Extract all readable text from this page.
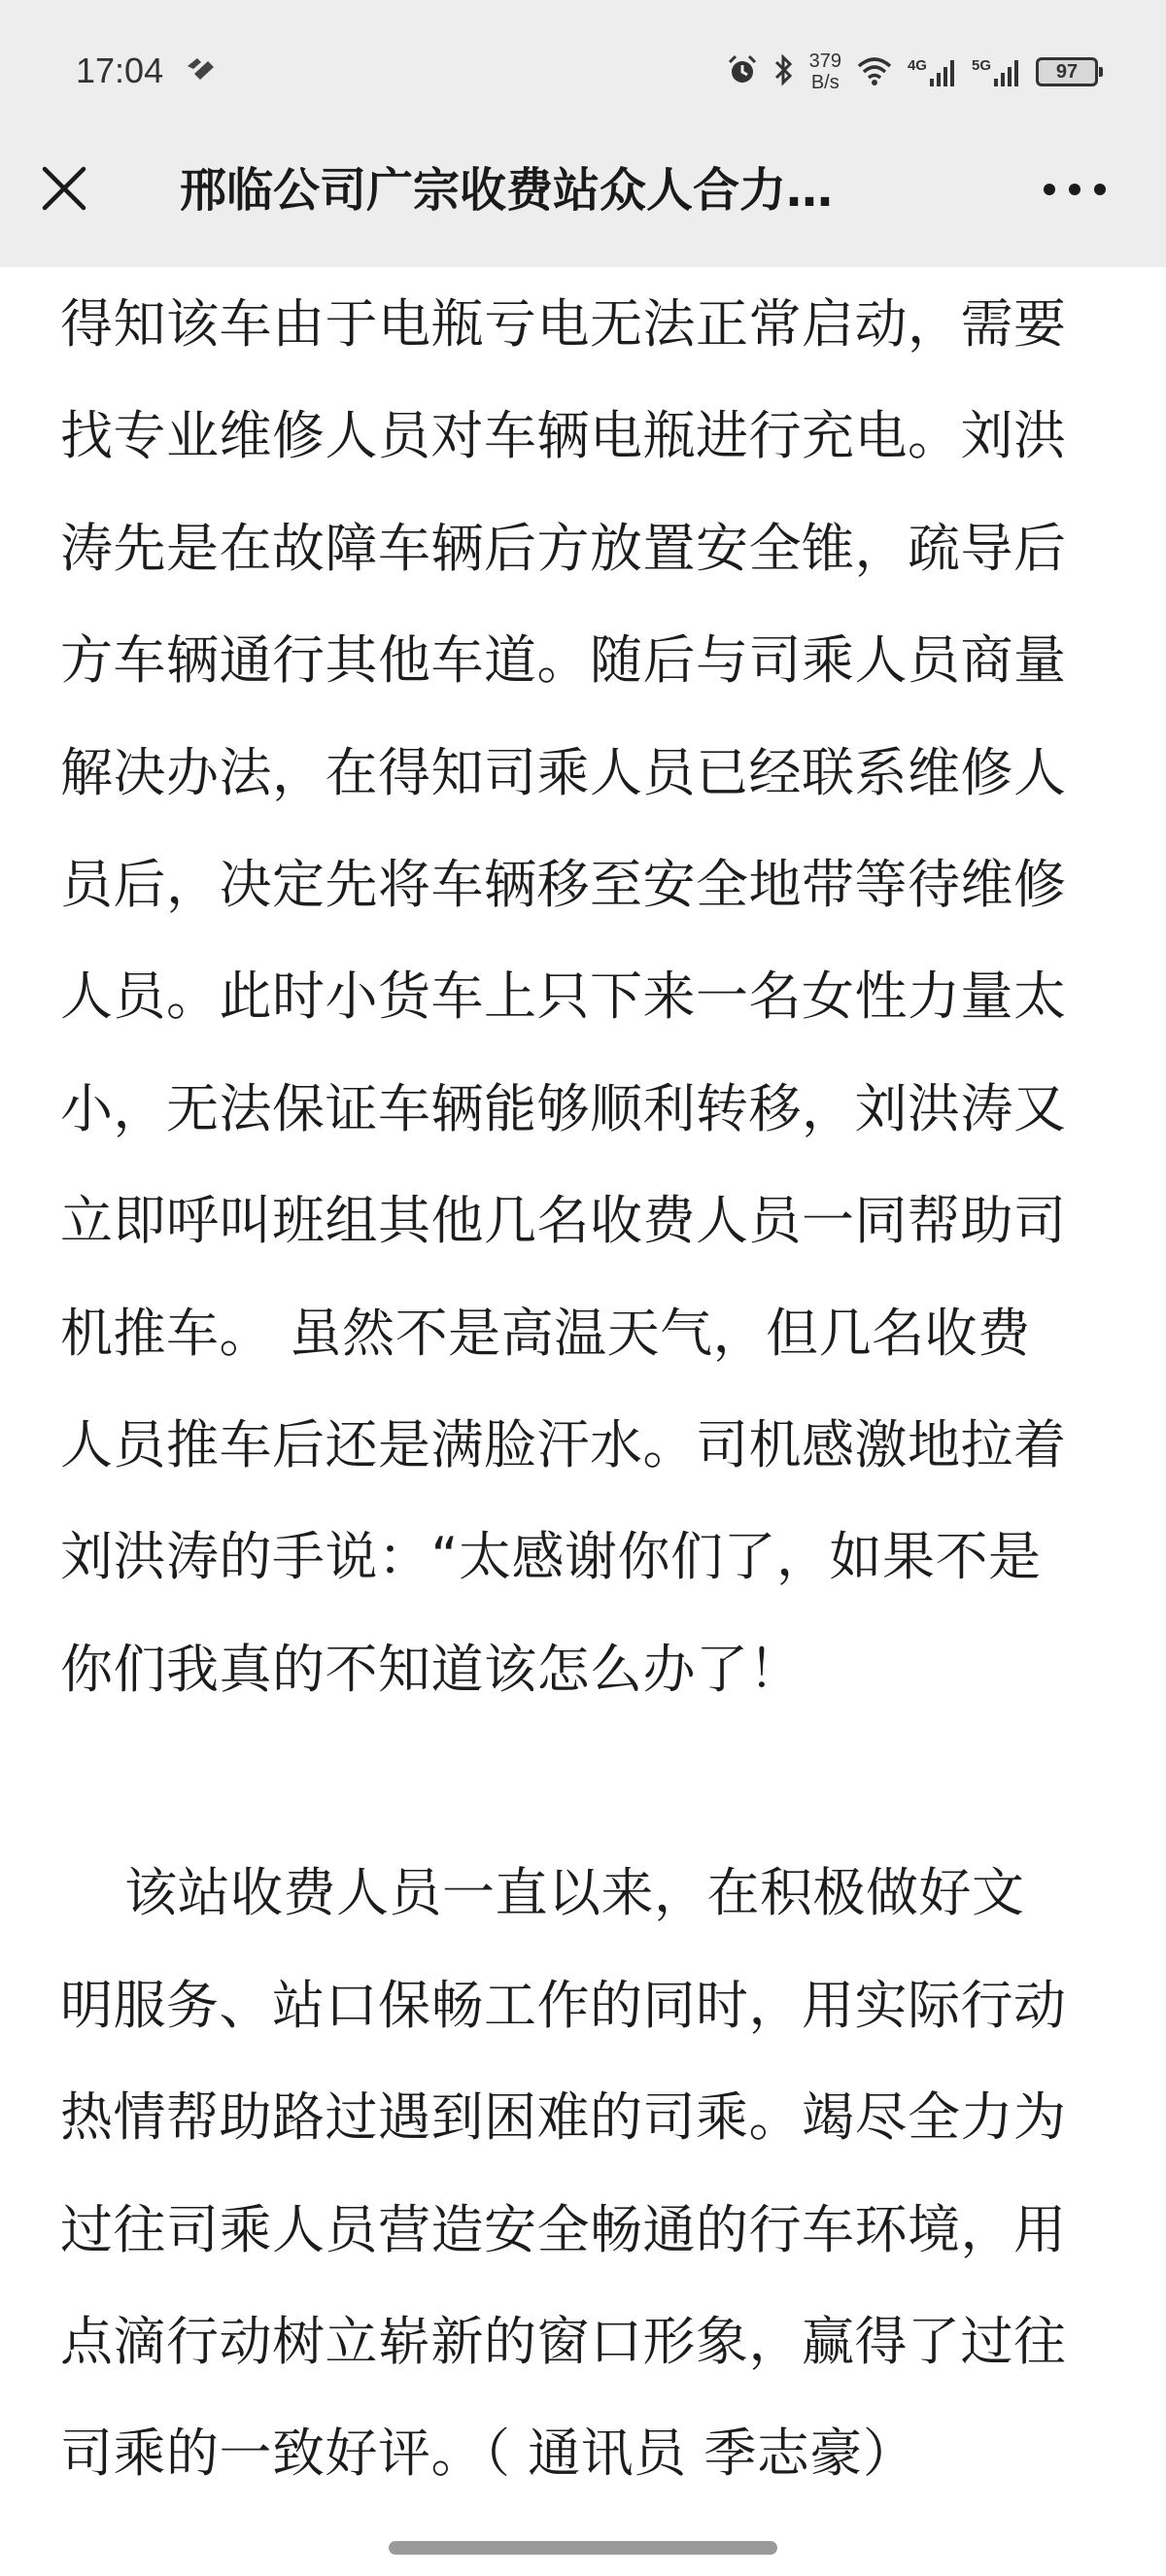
17:04	379
B/s
4G	5G	97
邢临公司广宗收费站众人合力…
得知该车由于电瓶亏电无法正常启动，需要
找专业维修人员对车辆电瓶进行充电。刘洪
涛先是在故障车辆后方放置安全锥，疏导后
方车辆通行其他车道。随后与司乘人员商量
解决办法，在得知司乘人员已经联系维修人
员后，决定先将车辆移至安全地带等待维修
人员。此时小货车上只下来一名女性力量太
小，无法保证车辆能够顺利转移，刘洪涛又
立即呼叫班组其他几名收费人员一同帮助司
机推车。 虽然不是高温天气，但几名收费
人员推车后还是满脸汗水。司机感激地拉着
刘洪涛的手说：“太感谢你们了，如果不是
你们我真的不知道该怎么办了！
该站收费人员一直以来，在积极做好文
明服务、站口保畅工作的同时，用实际行动
热情帮助路过遇到困难的司乘。竭尽全力为
过往司乘人员营造安全畅通的行车环境，用
点滴行动树立崭新的窗口形象，赢得了过往
司乘的一致好评。（ 通讯员 季志豪）
